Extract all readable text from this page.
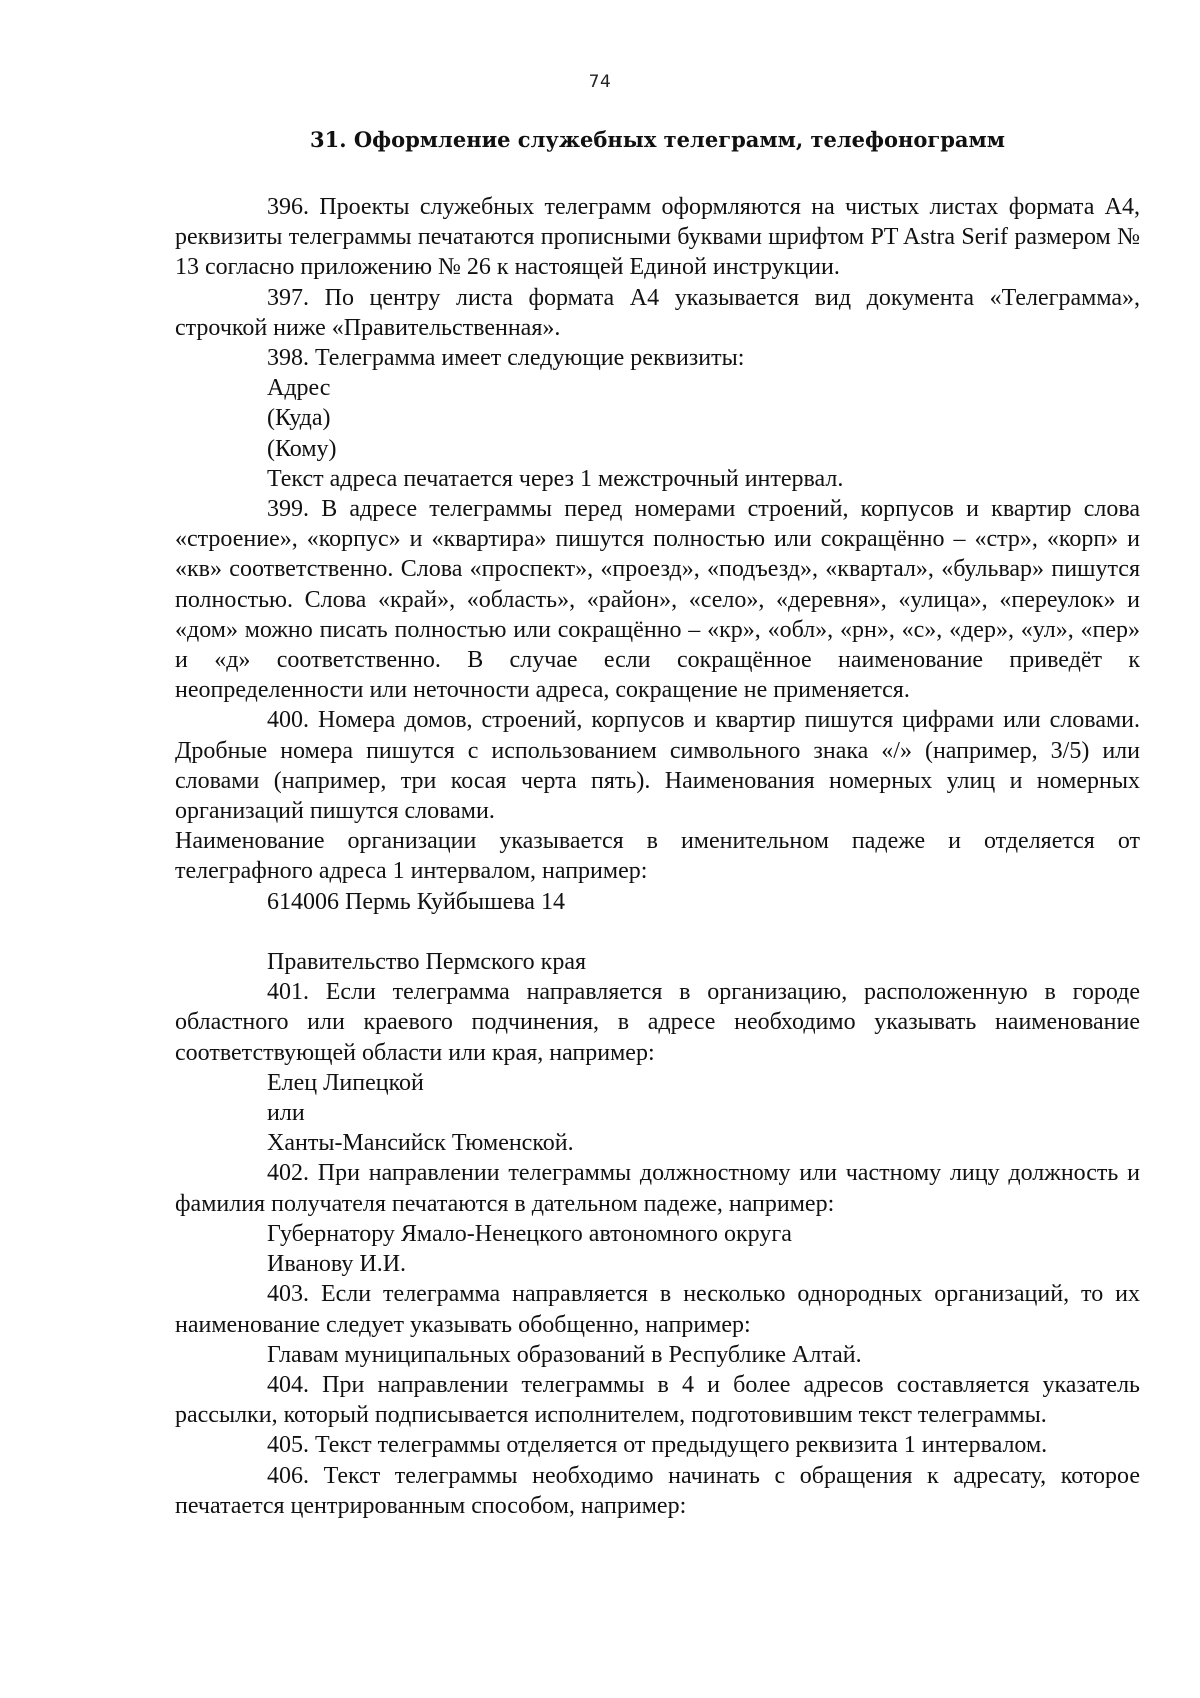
74
31. Оформление служебных телеграмм, телефонограмм

396. Проекты служебных телеграмм оформляются на чистых листах формата А4, реквизиты телеграммы печатаются прописными буквами шрифтом PT Astra Serif размером № 13 согласно приложению № 26 к настоящей Единой инструкции.

397. По центру листа формата А4 указывается вид документа «Телеграмма», строчкой ниже «Правительственная».

398. Телеграмма имеет следующие реквизиты:

Адрес

(Куда)

(Кому)

Текст адреса печатается через 1 межстрочный интервал.

399. В адресе телеграммы перед номерами строений, корпусов и квартир слова «строение», «корпус» и «квартира» пишутся полностью или сокращённо – «стр», «корп» и «кв» соответственно. Слова «проспект», «проезд», «подъезд», «квартал», «бульвар» пишутся полностью. Слова «край», «область», «район», «село», «деревня», «улица», «переулок» и «дом» можно писать полностью или сокращённо – «кр», «обл», «рн», «с», «дер», «ул», «пер» и «д» соответственно. В случае если сокращённое наименование приведёт к неопределенности или неточности адреса, сокращение не применяется.

400. Номера домов, строений, корпусов и квартир пишутся цифрами или словами. Дробные номера пишутся с использованием символьного знака «/» (например, 3/5) или словами (например, три косая черта пять). Наименования номерных улиц и номерных организаций пишутся словами.

Наименование организации указывается в именительном падеже и отделяется от телеграфного адреса 1 интервалом, например:

614006 Пермь Куйбышева 14

Правительство Пермского края

401. Если телеграмма направляется в организацию, расположенную в городе областного или краевого подчинения, в адресе необходимо указывать наименование соответствующей области или края, например:

Елец Липецкой

или

Ханты-Мансийск Тюменской.

402. При направлении телеграммы должностному или частному лицу должность и фамилия получателя печатаются в дательном падеже, например:

Губернатору Ямало-Ненецкого автономного округа

Иванову И.И.

403. Если телеграмма направляется в несколько однородных организаций, то их наименование следует указывать обобщенно, например:

Главам муниципальных образований в Республике Алтай.

404. При направлении телеграммы в 4 и более адресов составляется указатель рассылки, который подписывается исполнителем, подготовившим текст телеграммы.

405. Текст телеграммы отделяется от предыдущего реквизита 1 интервалом.

406. Текст телеграммы необходимо начинать с обращения к адресату, которое печатается центрированным способом, например:
